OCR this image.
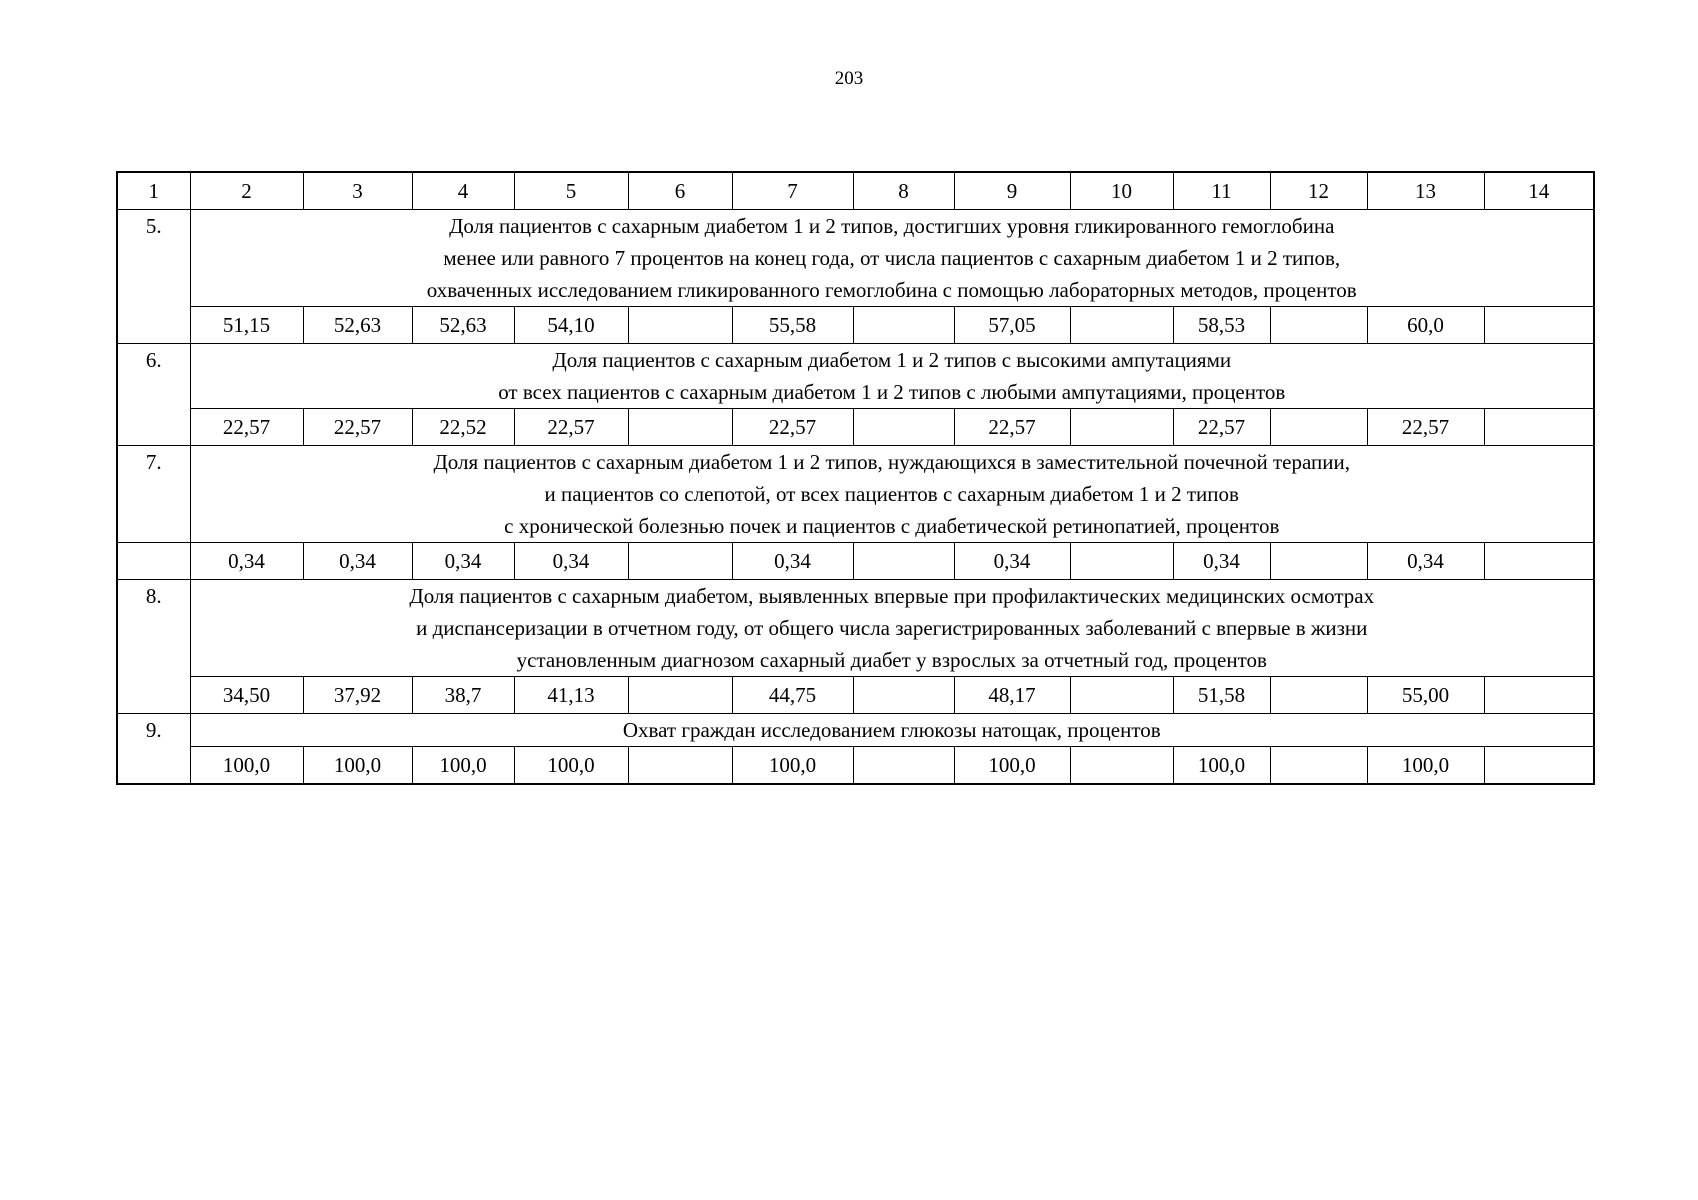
203
1	2	3	4	5	6	7	8	9	10	11	12	13	14
5.	Доля пациентов с сахарным диабетом 1 и 2 типов, достигших уровня гликированного гемоглобина
менее или равного 7 процентов на конец года, от числа пациентов с сахарным диабетом 1 и 2 типов,
охваченных исследованием гликированного гемоглобина с помощью лабораторных методов, процентов												

	51,15	52,63	52,63	54,10		55,58		57,05		58,53		60,0	
6.	Доля пациентов с сахарным диабетом 1 и 2 типов с высокими ампутациями
от всех пациентов с сахарным диабетом 1 и 2 типов с любыми ампутациями, процентов												

	22,57	22,57	22,52	22,57		22,57		22,57		22,57		22,57	
7.	Доля пациентов с сахарным диабетом 1 и 2 типов, нуждающихся в заместительной почечной терапии,
и пациентов со слепотой, от всех пациентов с сахарным диабетом 1 и 2 типов
с хронической болезнью почек и пациентов с диабетической ретинопатией, процентов												

	0,34	0,34	0,34	0,34		0,34		0,34		0,34		0,34	
8.	Доля пациентов с сахарным диабетом, выявленных впервые при профилактических медицинских осмотрах
и диспансеризации в отчетном году, от общего числа зарегистрированных заболеваний с впервые в жизни
установленным диагнозом сахарный диабет у взрослых за отчетный год, процентов												

	34,50	37,92	38,7	41,13		44,75		48,17		51,58		55,00	
9.	Охват граждан исследованием глюкозы натощак, процентов												

	100,0	100,0	100,0	100,0		100,0		100,0		100,0		100,0	
